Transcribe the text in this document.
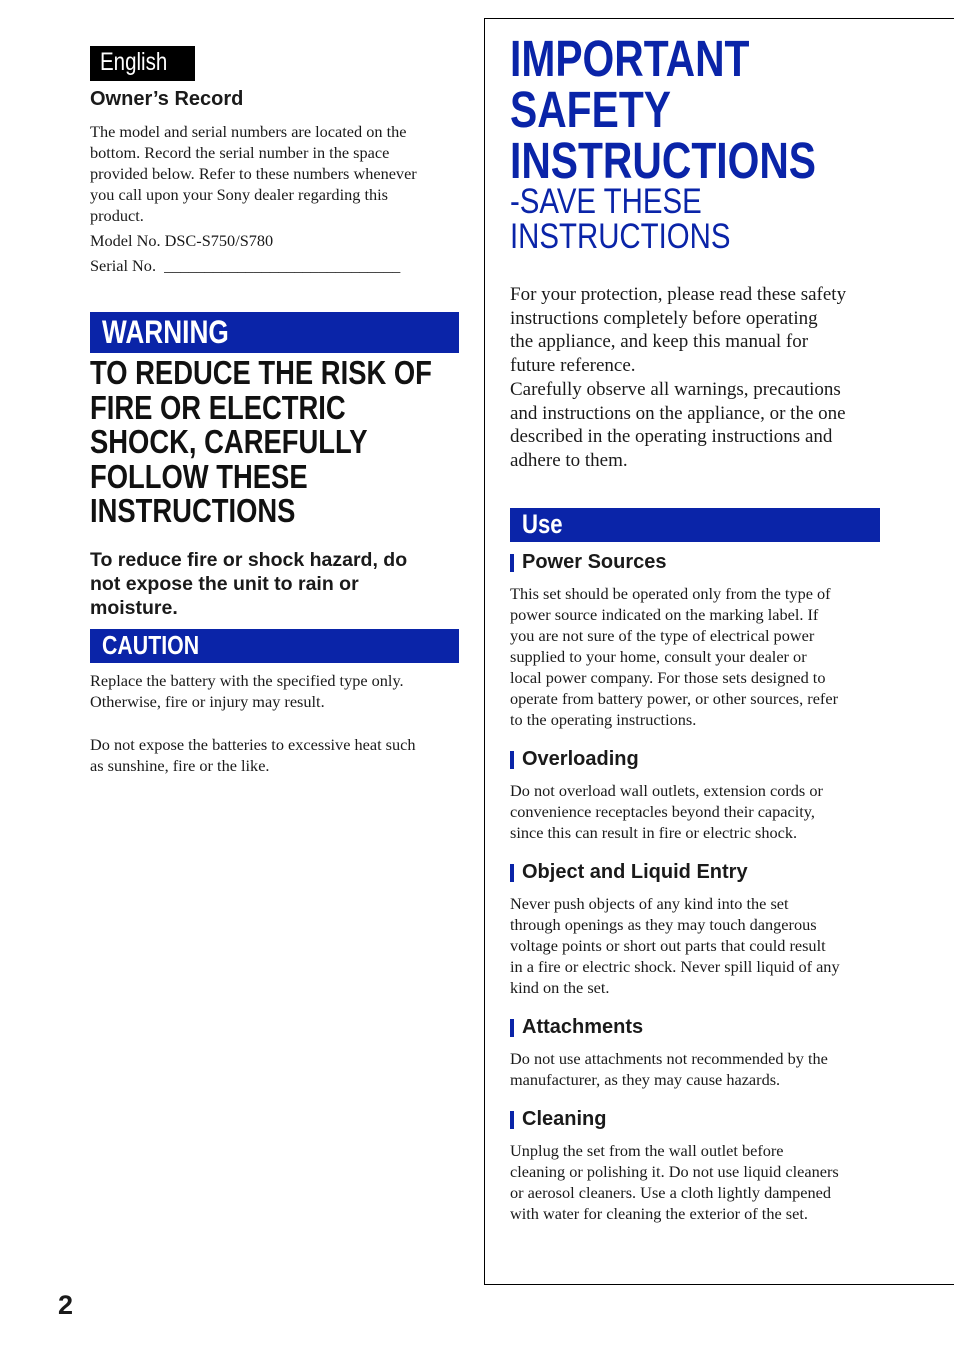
English
Owner’s Record
The model and serial numbers are located on the
bottom. Record the serial number in the space
provided below. Refer to these numbers whenever
you call upon your Sony dealer regarding this
product.
Model No. DSC-S750/S780
Serial No.  _____________________________
WARNING
TO REDUCE THE RISK OF
FIRE OR ELECTRIC
SHOCK, CAREFULLY
FOLLOW THESE
INSTRUCTIONS
To reduce fire or shock hazard, do
not expose the unit to rain or
moisture.
CAUTION
Replace the battery with the specified type only.
Otherwise, fire or injury may result.
Do not expose the batteries to excessive heat such
as sunshine, fire or the like.
IMPORTANT
SAFETY
INSTRUCTIONS
-SAVE THESE
INSTRUCTIONS
For your protection, please read these safety
instructions completely before operating
the appliance, and keep this manual for
future reference.
Carefully observe all warnings, precautions
and instructions on the appliance, or the one
described in the operating instructions and
adhere to them.
Use
Power Sources
This set should be operated only from the type of
power source indicated on the marking label. If
you are not sure of the type of electrical power
supplied to your home, consult your dealer or
local power company. For those sets designed to
operate from battery power, or other sources, refer
to the operating instructions.
Overloading
Do not overload wall outlets, extension cords or
convenience receptacles beyond their capacity,
since this can result in fire or electric shock.
Object and Liquid Entry
Never push objects of any kind into the set
through openings as they may touch dangerous
voltage points or short out parts that could result
in a fire or electric shock. Never spill liquid of any
kind on the set.
Attachments
Do not use attachments not recommended by the
manufacturer, as they may cause hazards.
Cleaning
Unplug the set from the wall outlet before
cleaning or polishing it. Do not use liquid cleaners
or aerosol cleaners. Use a cloth lightly dampened
with water for cleaning the exterior of the set.
2
